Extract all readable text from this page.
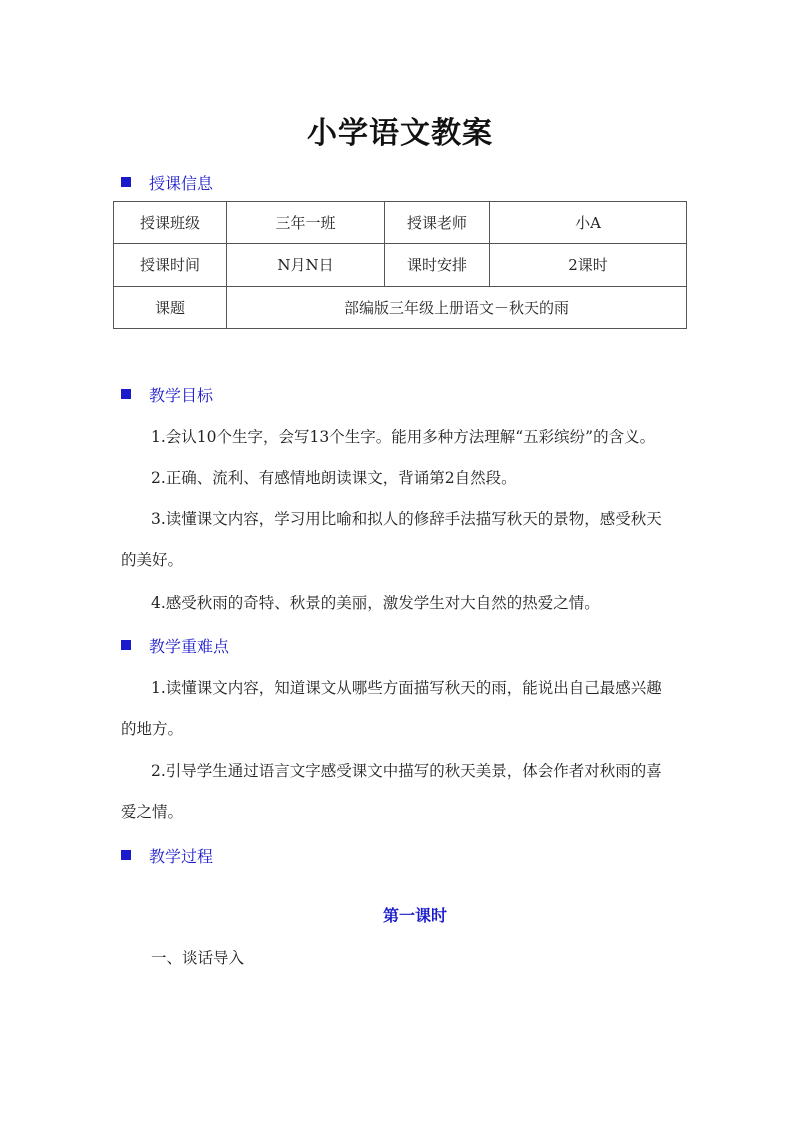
小学语文教案
授课信息
授课班级	三年一班	授课老师	小A
授课时间	N月N日	课时安排	2课时
课题	部编版三年级上册语文－秋天的雨		
教学目标
1.会认10个生字，会写13个生字。能用多种方法理解“五彩缤纷”的含义。
2.正确、流利、有感情地朗读课文，背诵第2自然段。
3.读懂课文内容，学习用比喻和拟人的修辞手法描写秋天的景物，感受秋天
的美好。
4.感受秋雨的奇特、秋景的美丽，激发学生对大自然的热爱之情。
教学重难点
1.读懂课文内容，知道课文从哪些方面描写秋天的雨，能说出自己最感兴趣
的地方。
2.引导学生通过语言文字感受课文中描写的秋天美景，体会作者对秋雨的喜
爱之情。
教学过程
第一课时
一、谈话导入
